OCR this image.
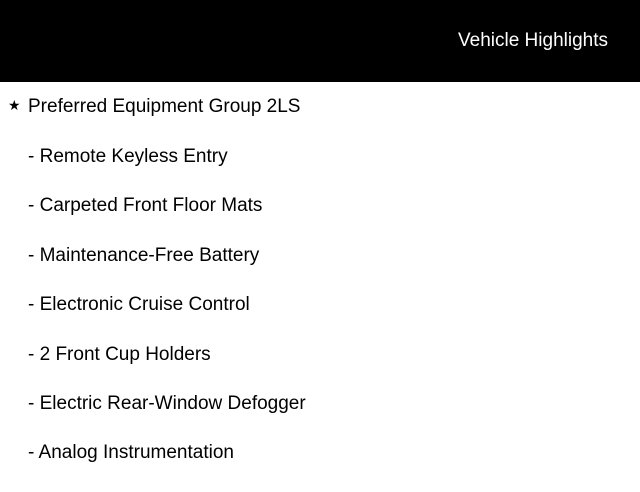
Vehicle Highlights
★ Preferred Equipment Group 2LS
- Remote Keyless Entry
- Carpeted Front Floor Mats
- Maintenance-Free Battery
- Electronic Cruise Control
- 2 Front Cup Holders
- Electric Rear-Window Defogger
- Analog Instrumentation
